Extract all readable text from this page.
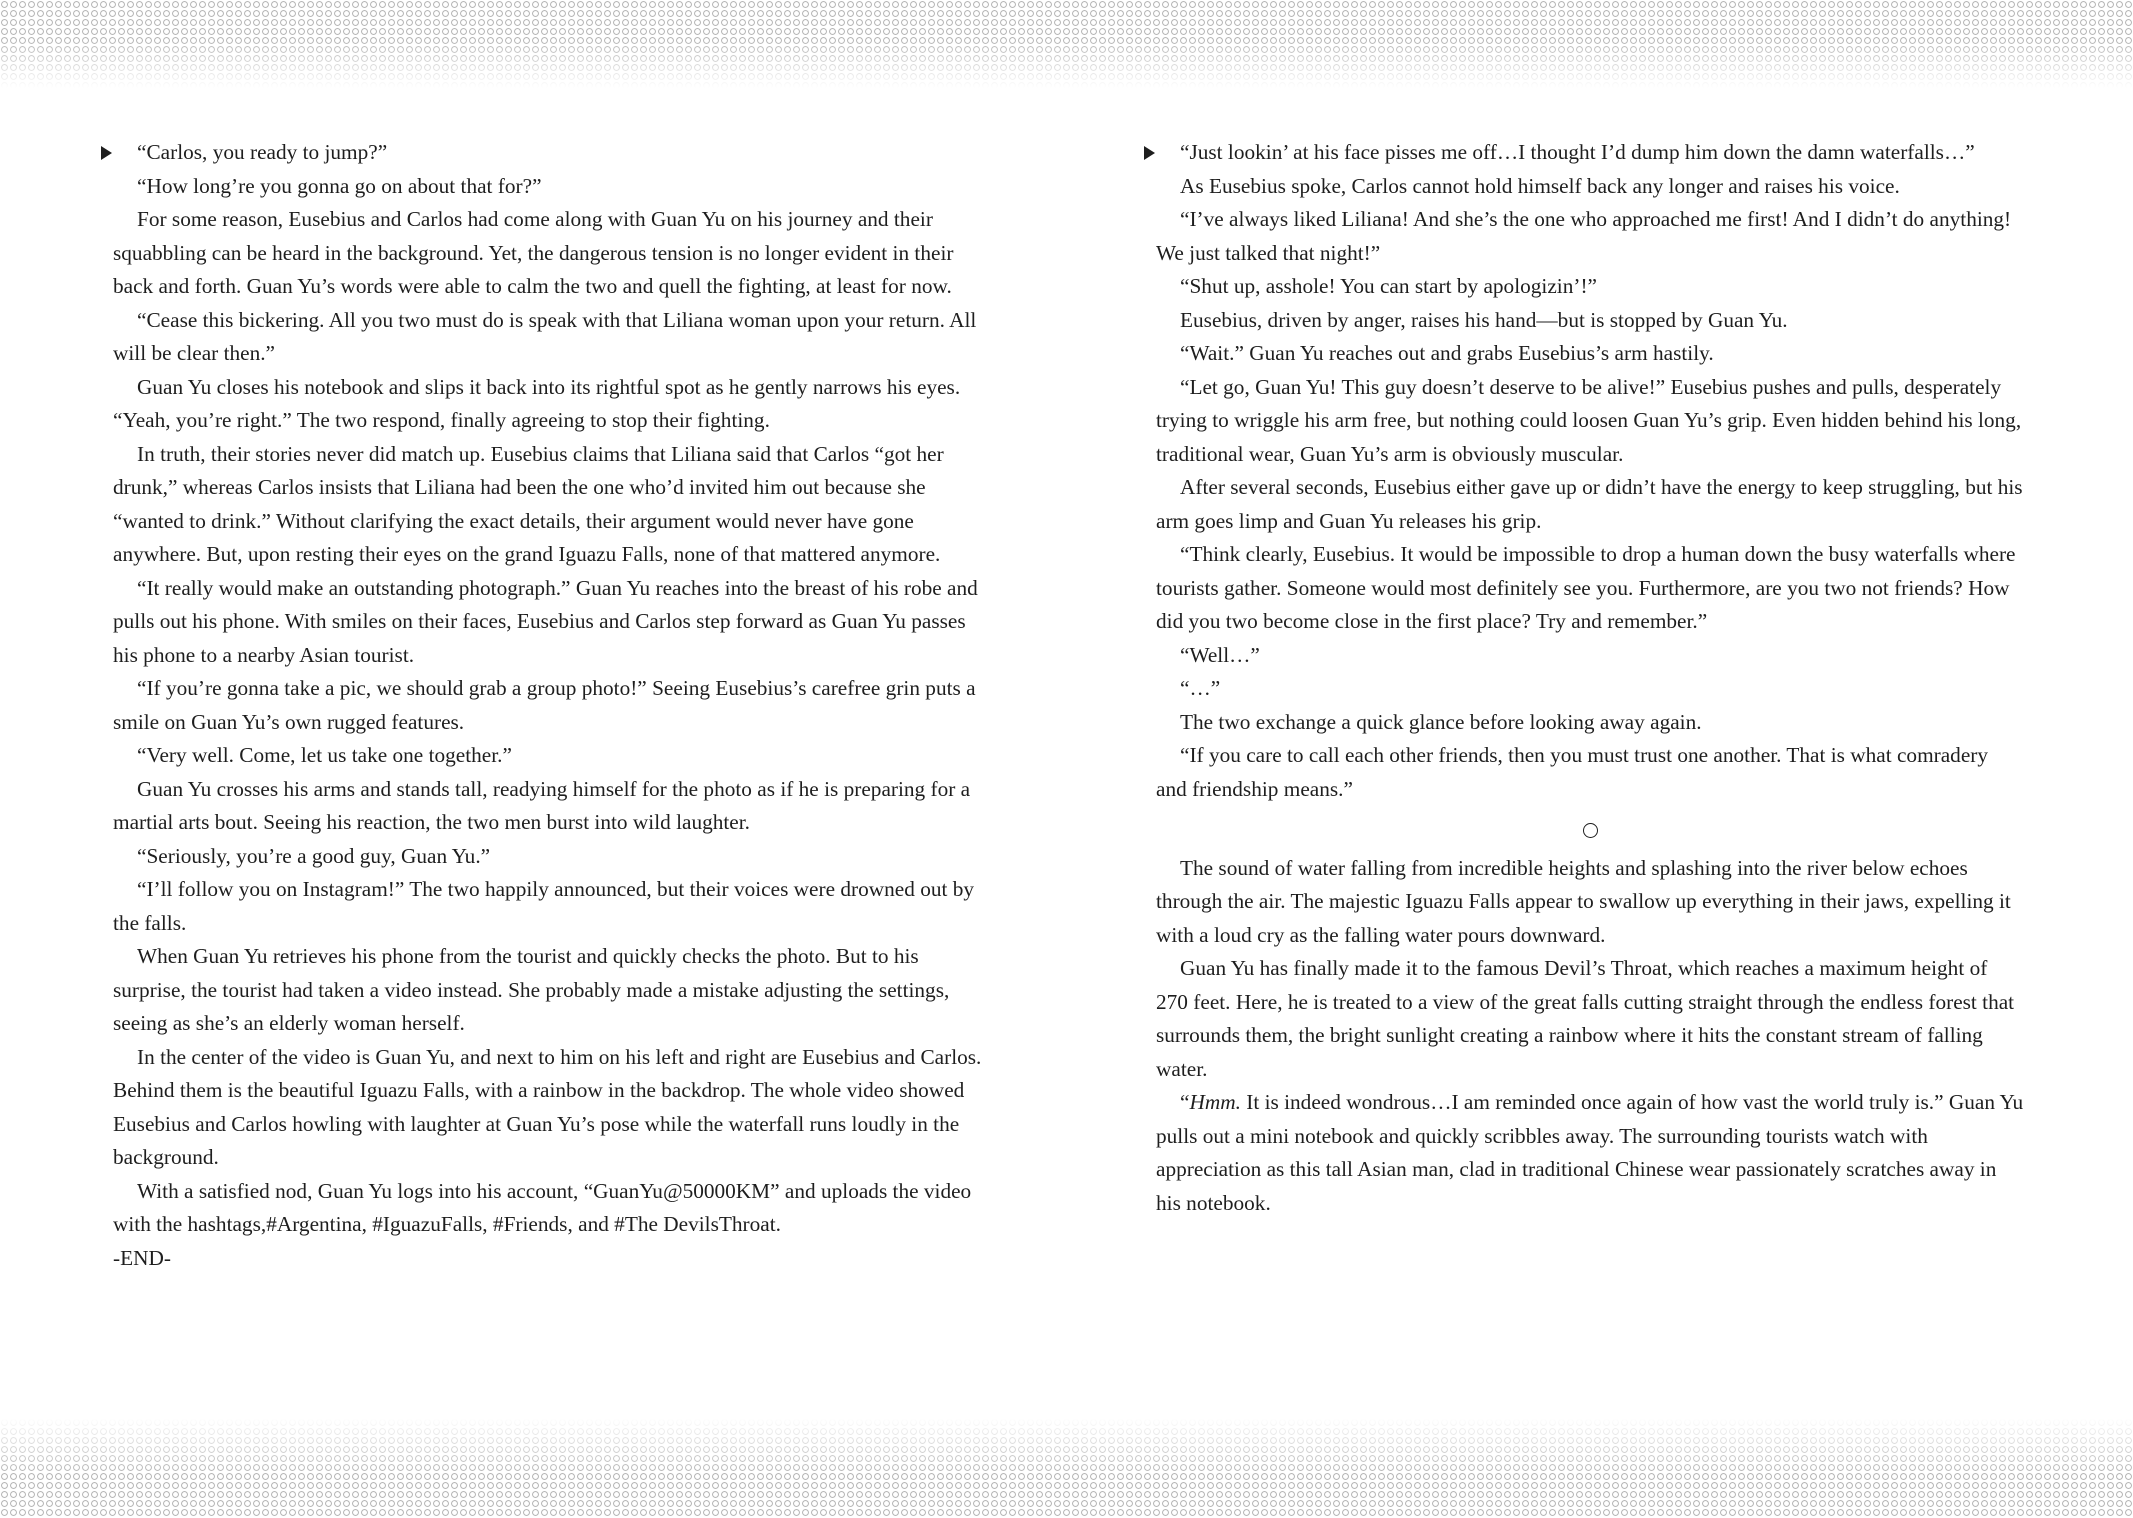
“Carlos, you ready to jump?”

“How long’re you gonna go on about that for?”

For some reason, Eusebius and Carlos had come along with Guan Yu on his journey and their squabbling can be heard in the background. Yet, the dangerous tension is no longer evident in their back and forth. Guan Yu’s words were able to calm the two and quell the fighting, at least for now.

“Cease this bickering. All you two must do is speak with that Liliana woman upon your return. All will be clear then.”

Guan Yu closes his notebook and slips it back into its rightful spot as he gently narrows his eyes. “Yeah, you’re right.” The two respond, finally agreeing to stop their fighting.

In truth, their stories never did match up. Eusebius claims that Liliana said that Carlos “got her drunk,” whereas Carlos insists that Liliana had been the one who’d invited him out because she “wanted to drink.” Without clarifying the exact details, their argument would never have gone anywhere. But, upon resting their eyes on the grand Iguazu Falls, none of that mattered anymore.

“It really would make an outstanding photograph.” Guan Yu reaches into the breast of his robe and pulls out his phone. With smiles on their faces, Eusebius and Carlos step forward as Guan Yu passes his phone to a nearby Asian tourist.

“If you’re gonna take a pic, we should grab a group photo!” Seeing Eusebius’s carefree grin puts a smile on Guan Yu’s own rugged features.

“Very well. Come, let us take one together.”

Guan Yu crosses his arms and stands tall, readying himself for the photo as if he is preparing for a martial arts bout. Seeing his reaction, the two men burst into wild laughter.

“Seriously, you’re a good guy, Guan Yu.”

“I’ll follow you on Instagram!” The two happily announced, but their voices were drowned out by the falls.

When Guan Yu retrieves his phone from the tourist and quickly checks the photo. But to his surprise, the tourist had taken a video instead. She probably made a mistake adjusting the settings, seeing as she’s an elderly woman herself.

In the center of the video is Guan Yu, and next to him on his left and right are Eusebius and Carlos. Behind them is the beautiful Iguazu Falls, with a rainbow in the backdrop. The whole video showed Eusebius and Carlos howling with laughter at Guan Yu’s pose while the waterfall runs loudly in the background.

With a satisfied nod, Guan Yu logs into his account, “GuanYu@50000KM” and uploads the video with the hashtags,#Argentina, #IguazuFalls, #Friends, and #The DevilsThroat.

-END-

“Just lookin’ at his face pisses me off…I thought I’d dump him down the damn waterfalls…”

As Eusebius spoke, Carlos cannot hold himself back any longer and raises his voice.

“I’ve always liked Liliana! And she’s the one who approached me first! And I didn’t do anything! We just talked that night!”

“Shut up, asshole! You can start by apologizin’!”

Eusebius, driven by anger, raises his hand—but is stopped by Guan Yu.

“Wait.” Guan Yu reaches out and grabs Eusebius’s arm hastily.

“Let go, Guan Yu! This guy doesn’t deserve to be alive!” Eusebius pushes and pulls, desperately trying to wriggle his arm free, but nothing could loosen Guan Yu’s grip. Even hidden behind his long, traditional wear, Guan Yu’s arm is obviously muscular.

After several seconds, Eusebius either gave up or didn’t have the energy to keep struggling, but his arm goes limp and Guan Yu releases his grip.

“Think clearly, Eusebius. It would be impossible to drop a human down the busy waterfalls where tourists gather. Someone would most definitely see you. Furthermore, are you two not friends? How did you two become close in the first place? Try and remember.”

“Well…”

“…”

The two exchange a quick glance before looking away again.

“If you care to call each other friends, then you must trust one another. That is what comradery and friendship means.”

The sound of water falling from incredible heights and splashing into the river below echoes through the air. The majestic Iguazu Falls appear to swallow up everything in their jaws, expelling it with a loud cry as the falling water pours downward.

Guan Yu has finally made it to the famous Devil’s Throat, which reaches a maximum height of 270 feet. Here, he is treated to a view of the great falls cutting straight through the endless forest that surrounds them, the bright sunlight creating a rainbow where it hits the constant stream of falling water.

“Hmm. It is indeed wondrous…I am reminded once again of how vast the world truly is.” Guan Yu pulls out a mini notebook and quickly scribbles away. The surrounding tourists watch with appreciation as this tall Asian man, clad in traditional Chinese wear passionately scratches away in his notebook.
